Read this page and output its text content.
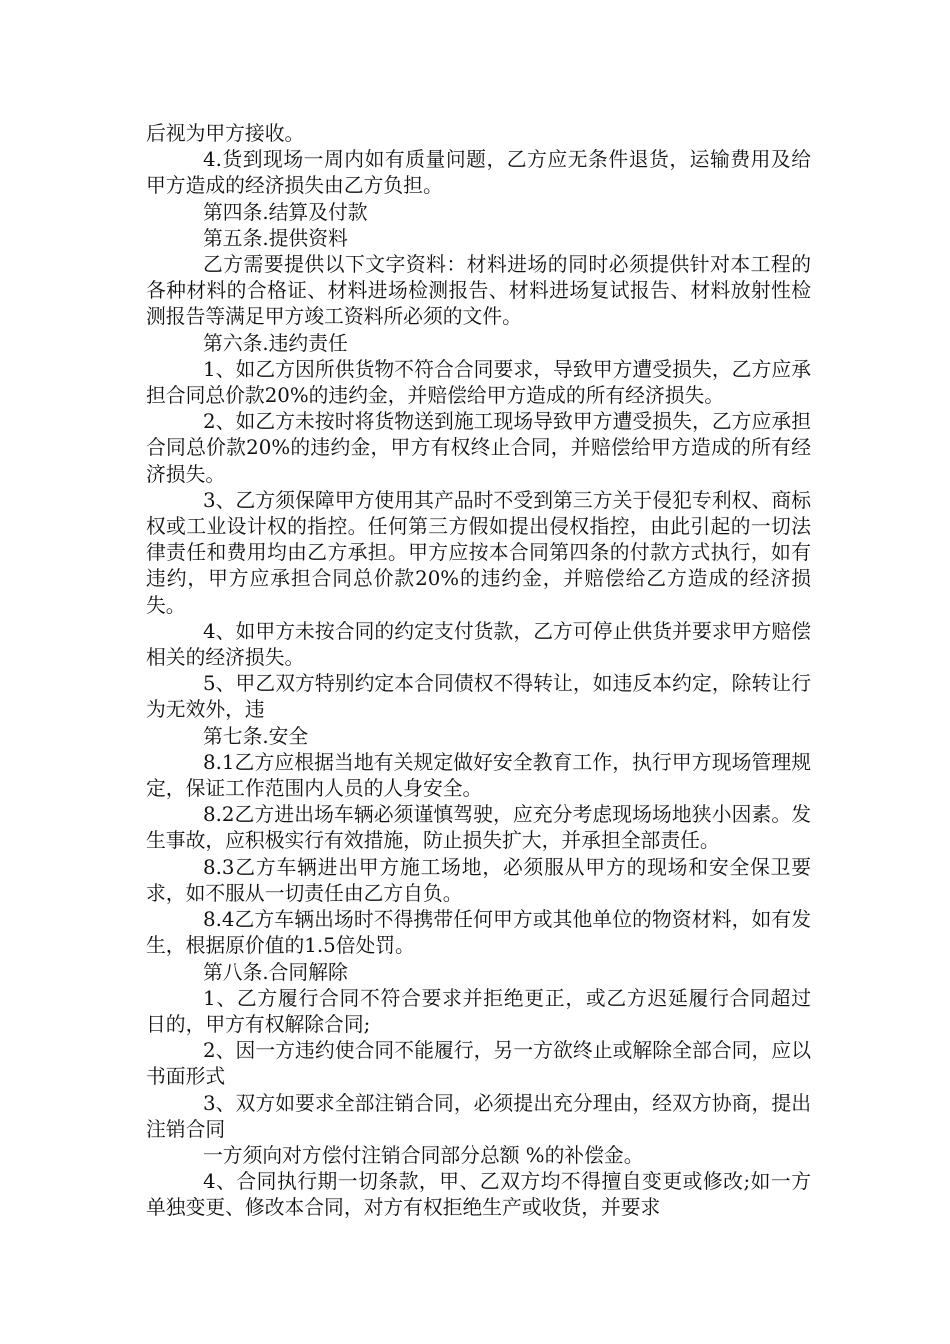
后视为甲方接收。

4.货到现场一周内如有质量问题，乙方应无条件退货，运输费用及给甲方造成的经济损失由乙方负担。

第四条.结算及付款

第五条.提供资料

乙方需要提供以下文字资料：材料进场的同时必须提供针对本工程的各种材料的合格证、材料进场检测报告、材料进场复试报告、材料放射性检测报告等满足甲方竣工资料所必须的文件。

第六条.违约责任

1、如乙方因所供货物不符合合同要求，导致甲方遭受损失，乙方应承担合同总价款20%的违约金，并赔偿给甲方造成的所有经济损失。

2、如乙方未按时将货物送到施工现场导致甲方遭受损失，乙方应承担合同总价款20%的违约金，甲方有权终止合同，并赔偿给甲方造成的所有经济损失。

3、乙方须保障甲方使用其产品时不受到第三方关于侵犯专利权、商标权或工业设计权的指控。任何第三方假如提出侵权指控，由此引起的一切法律责任和费用均由乙方承担。甲方应按本合同第四条的付款方式执行，如有违约，甲方应承担合同总价款20%的违约金，并赔偿给乙方造成的经济损失。

4、如甲方未按合同的约定支付货款，乙方可停止供货并要求甲方赔偿相关的经济损失。

5、甲乙双方特别约定本合同债权不得转让，如违反本约定，除转让行为无效外，违

第七条.安全

8.1乙方应根据当地有关规定做好安全教育工作，执行甲方现场管理规定，保证工作范围内人员的人身安全。

8.2乙方进出场车辆必须谨慎驾驶，应充分考虑现场场地狭小因素。发生事故，应积极实行有效措施，防止损失扩大，并承担全部责任。

8.3乙方车辆进出甲方施工场地，必须服从甲方的现场和安全保卫要求，如不服从一切责任由乙方自负。

8.4乙方车辆出场时不得携带任何甲方或其他单位的物资材料，如有发生，根据原价值的1.5倍处罚。

第八条.合同解除

1、乙方履行合同不符合要求并拒绝更正，或乙方迟延履行合同超过 日的，甲方有权解除合同;

2、因一方违约使合同不能履行，另一方欲终止或解除全部合同，应以书面形式

3、双方如要求全部注销合同，必须提出充分理由，经双方协商，提出注销合同

一方须向对方偿付注销合同部分总额 %的补偿金。

4、合同执行期一切条款，甲、乙双方均不得擅自变更或修改;如一方单独变更、修改本合同，对方有权拒绝生产或收货，并要求
